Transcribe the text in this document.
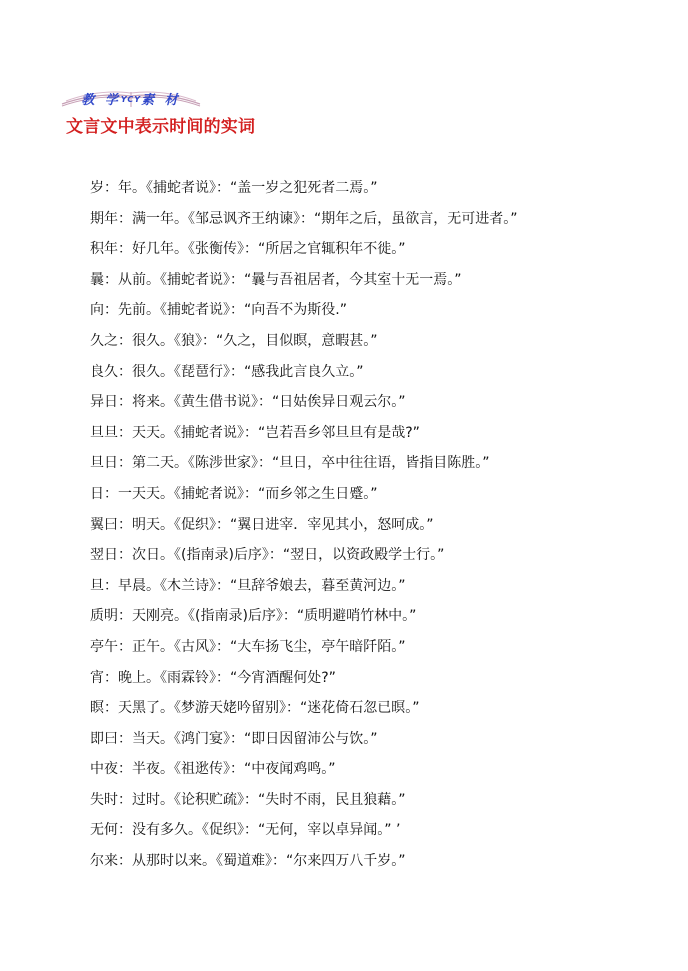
教 学YCY素 材
文言文中表示时间的实词
岁：年。《捕蛇者说》：“盖一岁之犯死者二焉。”
期年：满一年。《邹忌讽齐王纳谏》：“期年之后，虽欲言，无可进者。”
积年：好几年。《张衡传》：“所居之官辄积年不徙。”
曩：从前。《捕蛇者说》：“曩与吾祖居者，今其室十无一焉。”
向：先前。《捕蛇者说》：“向吾不为斯役.”
久之：很久。《狼》：“久之，目似瞑，意暇甚。”
良久：很久。《琵琶行》：“感我此言良久立。”
异日：将来。《黄生借书说》：“日姑俟异日观云尔。”
旦旦：天天。《捕蛇者说》：“岂若吾乡邻旦旦有是哉?”
旦日：第二天。《陈涉世家》：“旦日，卒中往往语，皆指目陈胜。”
日：一天天。《捕蛇者说》：“而乡邻之生日蹙。”
翼曰：明天。《促织》：“翼日进宰．宰见其小，怒呵成。”
翌日：次日。《(指南录)后序》：“翌日，以资政殿学士行。”
旦：早晨。《木兰诗》：“旦辞爷娘去，暮至黄河边。”
质明：天刚亮。《(指南录)后序》：“质明避哨竹林中。”
亭午：正午。《古风》：“大车扬飞尘，亭午暗阡陌。”
宵：晚上。《雨霖铃》：“今宵酒醒何处?”
瞑：天黑了。《梦游天姥吟留别》：“迷花倚石忽已暝。”
即曰：当天。《鸿门宴》：“即日因留沛公与饮。”
中夜：半夜。《祖逖传》：“中夜闻鸡鸣。”
失时：过时。《论积贮疏》：“失时不雨，民且狼藉。”
无何：没有多久。《促织》：“无何，宰以卓异闻。” ’
尔来：从那时以来。《蜀道难》：“尔来四万八千岁。”
